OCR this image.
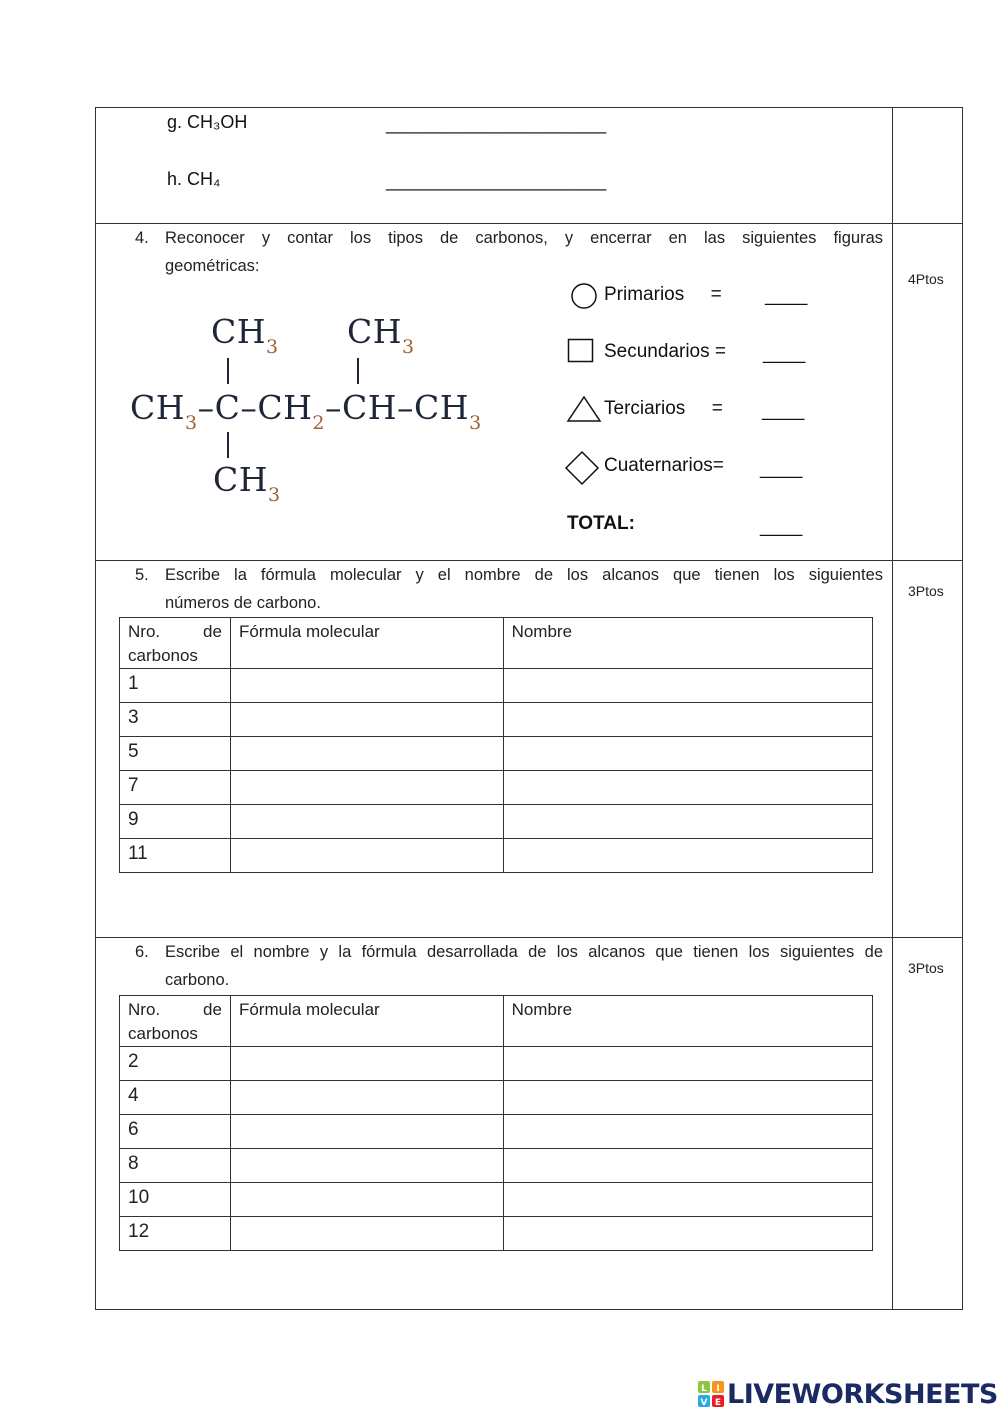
g. CH₃OH	______________________
h. CH₄	______________________
4. Reconocer y contar los tipos de carbonos, y encerrar en las siguientes figuras
geométricas:
4Ptos
$CH_3$ $CH_3$
$CH_3-C-CH_2-CH-CH_3$
$CH_3$
Primarios     = ____
Secundarios = ____
Terciarios     = ____
Cuaternarios= ____
TOTAL:	____
5. Escribe la fórmula molecular y el nombre de los alcanos que tienen los siguientes
números de carbono.
3Ptos
Nro. de
carbonos	Fórmula molecular	Nombre
1		
3		
5		
7		
9		
11		
6. Escribe el nombre y la fórmula desarrollada de los alcanos que tienen los siguientes de
carbono.
3Ptos
Nro. de
carbonos	Fórmula molecular	Nombre
2		
4		
6		
8		
10		
12		
L I
V E LIVEWORKSHEETS
